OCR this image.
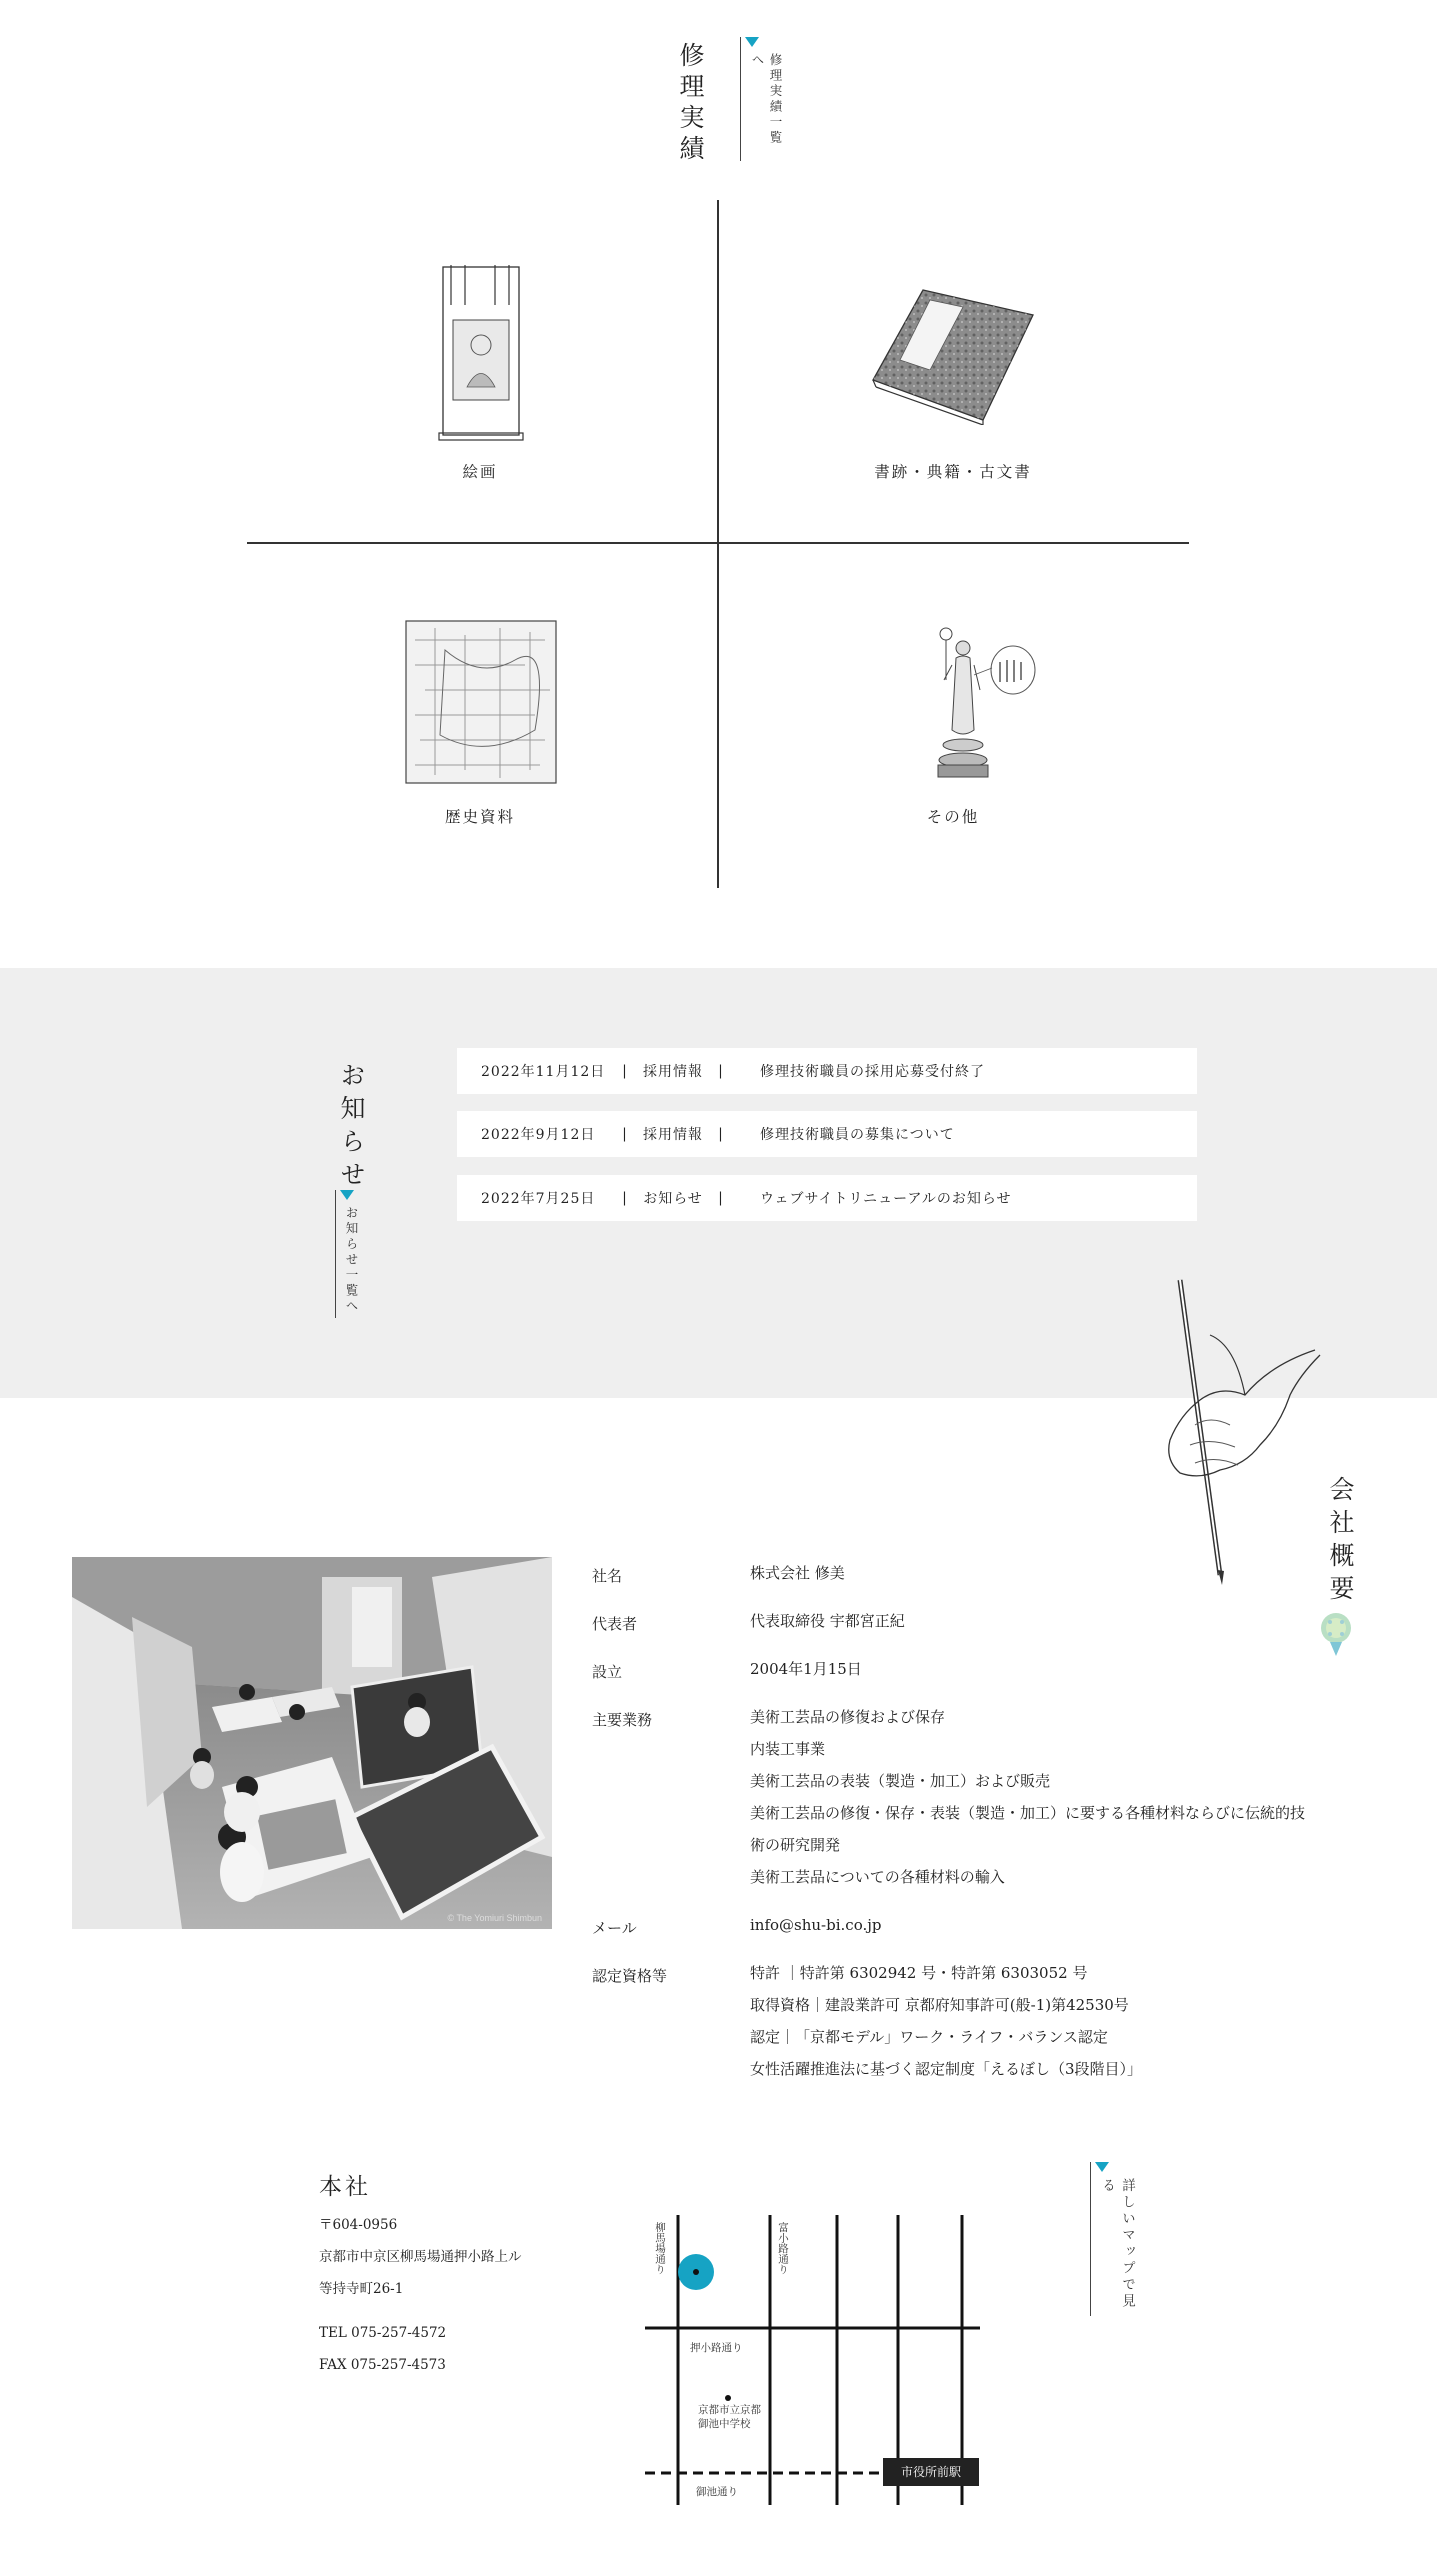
修理実績	修理実績一覧へ
絵画	書跡・典籍・古文書
歴史資料	その他
お知らせ
お知らせ一覧へ
2022年11月12日	|	採用情報	|	修理技術職員の採用応募受付終了
2022年9月12日	|	採用情報	|	修理技術職員の募集について
2022年7月25日	|	お知らせ	|	ウェブサイトリニューアルのお知らせ
会社概要
© The Yomiuri Shimbun
社名	株式会社 修美
代表者	代表取締役 宇都宮正紀
設立	2004年1月15日
主要業務	美術工芸品の修復および保存
内装工事業
美術工芸品の表装（製造・加工）および販売
美術工芸品の修復・保存・表装（製造・加工）に要する各種材料ならびに伝統的技
術の研究開発
美術工芸品についての各種材料の輸入
メール	info@shu-bi.co.jp
認定資格等	特許 ｜特許第 6302942 号・特許第 6303052 号
取得資格｜建設業許可 京都府知事許可(般-1)第42530号
認定｜「京都モデル」ワーク・ライフ・バランス認定
女性活躍推進法に基づく認定制度「えるぼし（3段階目）」
本社
〒604-0956
京都市中京区柳馬場通押小路上ル
等持寺町26-1
TEL 075-257-4572
FAX 075-257-4573
市役所前駅
柳馬場通り	富小路通り
押小路通り
京都市立京都
御池中学校
御池通り
詳しいマップで見る
